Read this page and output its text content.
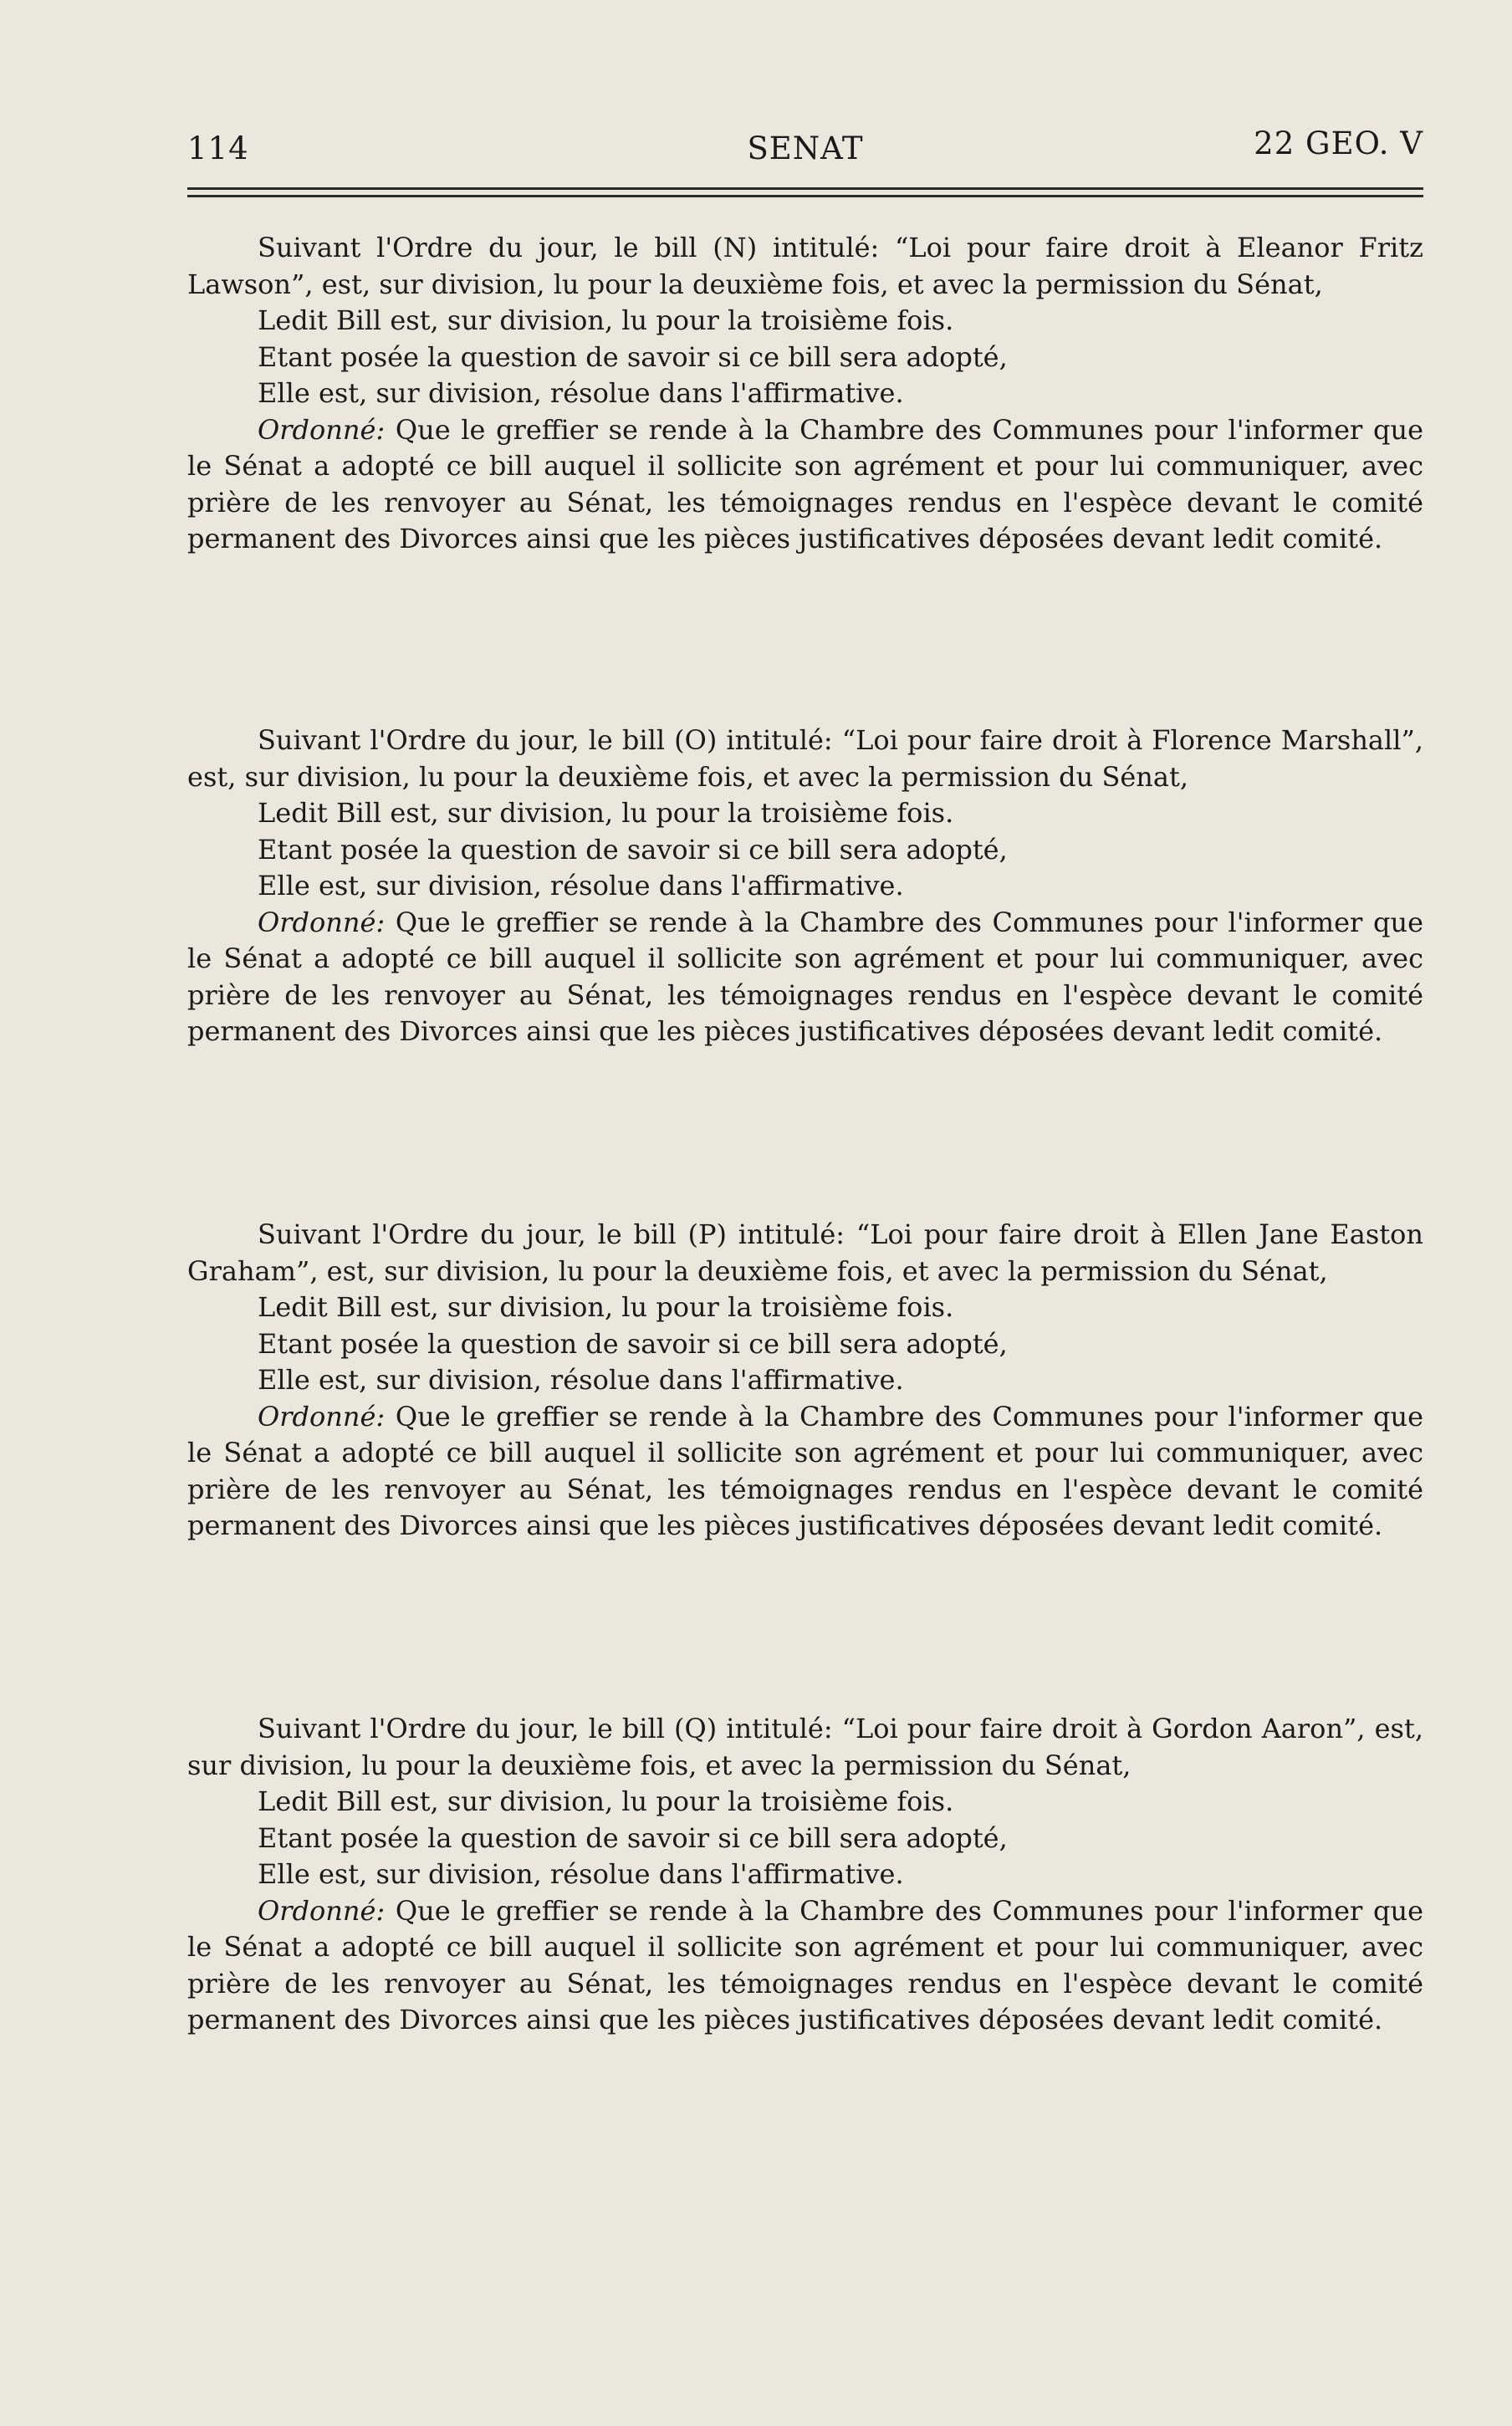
114	SENAT	22 GEO. V

Suivant l'Ordre du jour, le bill (N) intitulé: “Loi pour faire droit à Eleanor Fritz Lawson”, est, sur division, lu pour la deuxième fois, et avec la permission du Sénat,

Ledit Bill est, sur division, lu pour la troisième fois.

Etant posée la question de savoir si ce bill sera adopté,

Elle est, sur division, résolue dans l'affirmative.

Ordonné: Que le greffier se rende à la Chambre des Communes pour l'informer que le Sénat a adopté ce bill auquel il sollicite son agrément et pour lui communiquer, avec prière de les renvoyer au Sénat, les témoignages rendus en l'espèce devant le comité permanent des Divorces ainsi que les pièces justificatives déposées devant ledit comité.

Suivant l'Ordre du jour, le bill (O) intitulé: “Loi pour faire droit à Florence Marshall”, est, sur division, lu pour la deuxième fois, et avec la permission du Sénat,

Ledit Bill est, sur division, lu pour la troisième fois.

Etant posée la question de savoir si ce bill sera adopté,

Elle est, sur division, résolue dans l'affirmative.

Ordonné: Que le greffier se rende à la Chambre des Communes pour l'informer que le Sénat a adopté ce bill auquel il sollicite son agrément et pour lui communiquer, avec prière de les renvoyer au Sénat, les témoignages rendus en l'espèce devant le comité permanent des Divorces ainsi que les pièces justificatives déposées devant ledit comité.

Suivant l'Ordre du jour, le bill (P) intitulé: “Loi pour faire droit à Ellen Jane Easton Graham”, est, sur division, lu pour la deuxième fois, et avec la permission du Sénat,

Ledit Bill est, sur division, lu pour la troisième fois.

Etant posée la question de savoir si ce bill sera adopté,

Elle est, sur division, résolue dans l'affirmative.

Ordonné: Que le greffier se rende à la Chambre des Communes pour l'informer que le Sénat a adopté ce bill auquel il sollicite son agrément et pour lui communiquer, avec prière de les renvoyer au Sénat, les témoignages rendus en l'espèce devant le comité permanent des Divorces ainsi que les pièces justificatives déposées devant ledit comité.

Suivant l'Ordre du jour, le bill (Q) intitulé: “Loi pour faire droit à Gordon Aaron”, est, sur division, lu pour la deuxième fois, et avec la permission du Sénat,

Ledit Bill est, sur division, lu pour la troisième fois.

Etant posée la question de savoir si ce bill sera adopté,

Elle est, sur division, résolue dans l'affirmative.

Ordonné: Que le greffier se rende à la Chambre des Communes pour l'informer que le Sénat a adopté ce bill auquel il sollicite son agrément et pour lui communiquer, avec prière de les renvoyer au Sénat, les témoignages rendus en l'espèce devant le comité permanent des Divorces ainsi que les pièces justificatives déposées devant ledit comité.
